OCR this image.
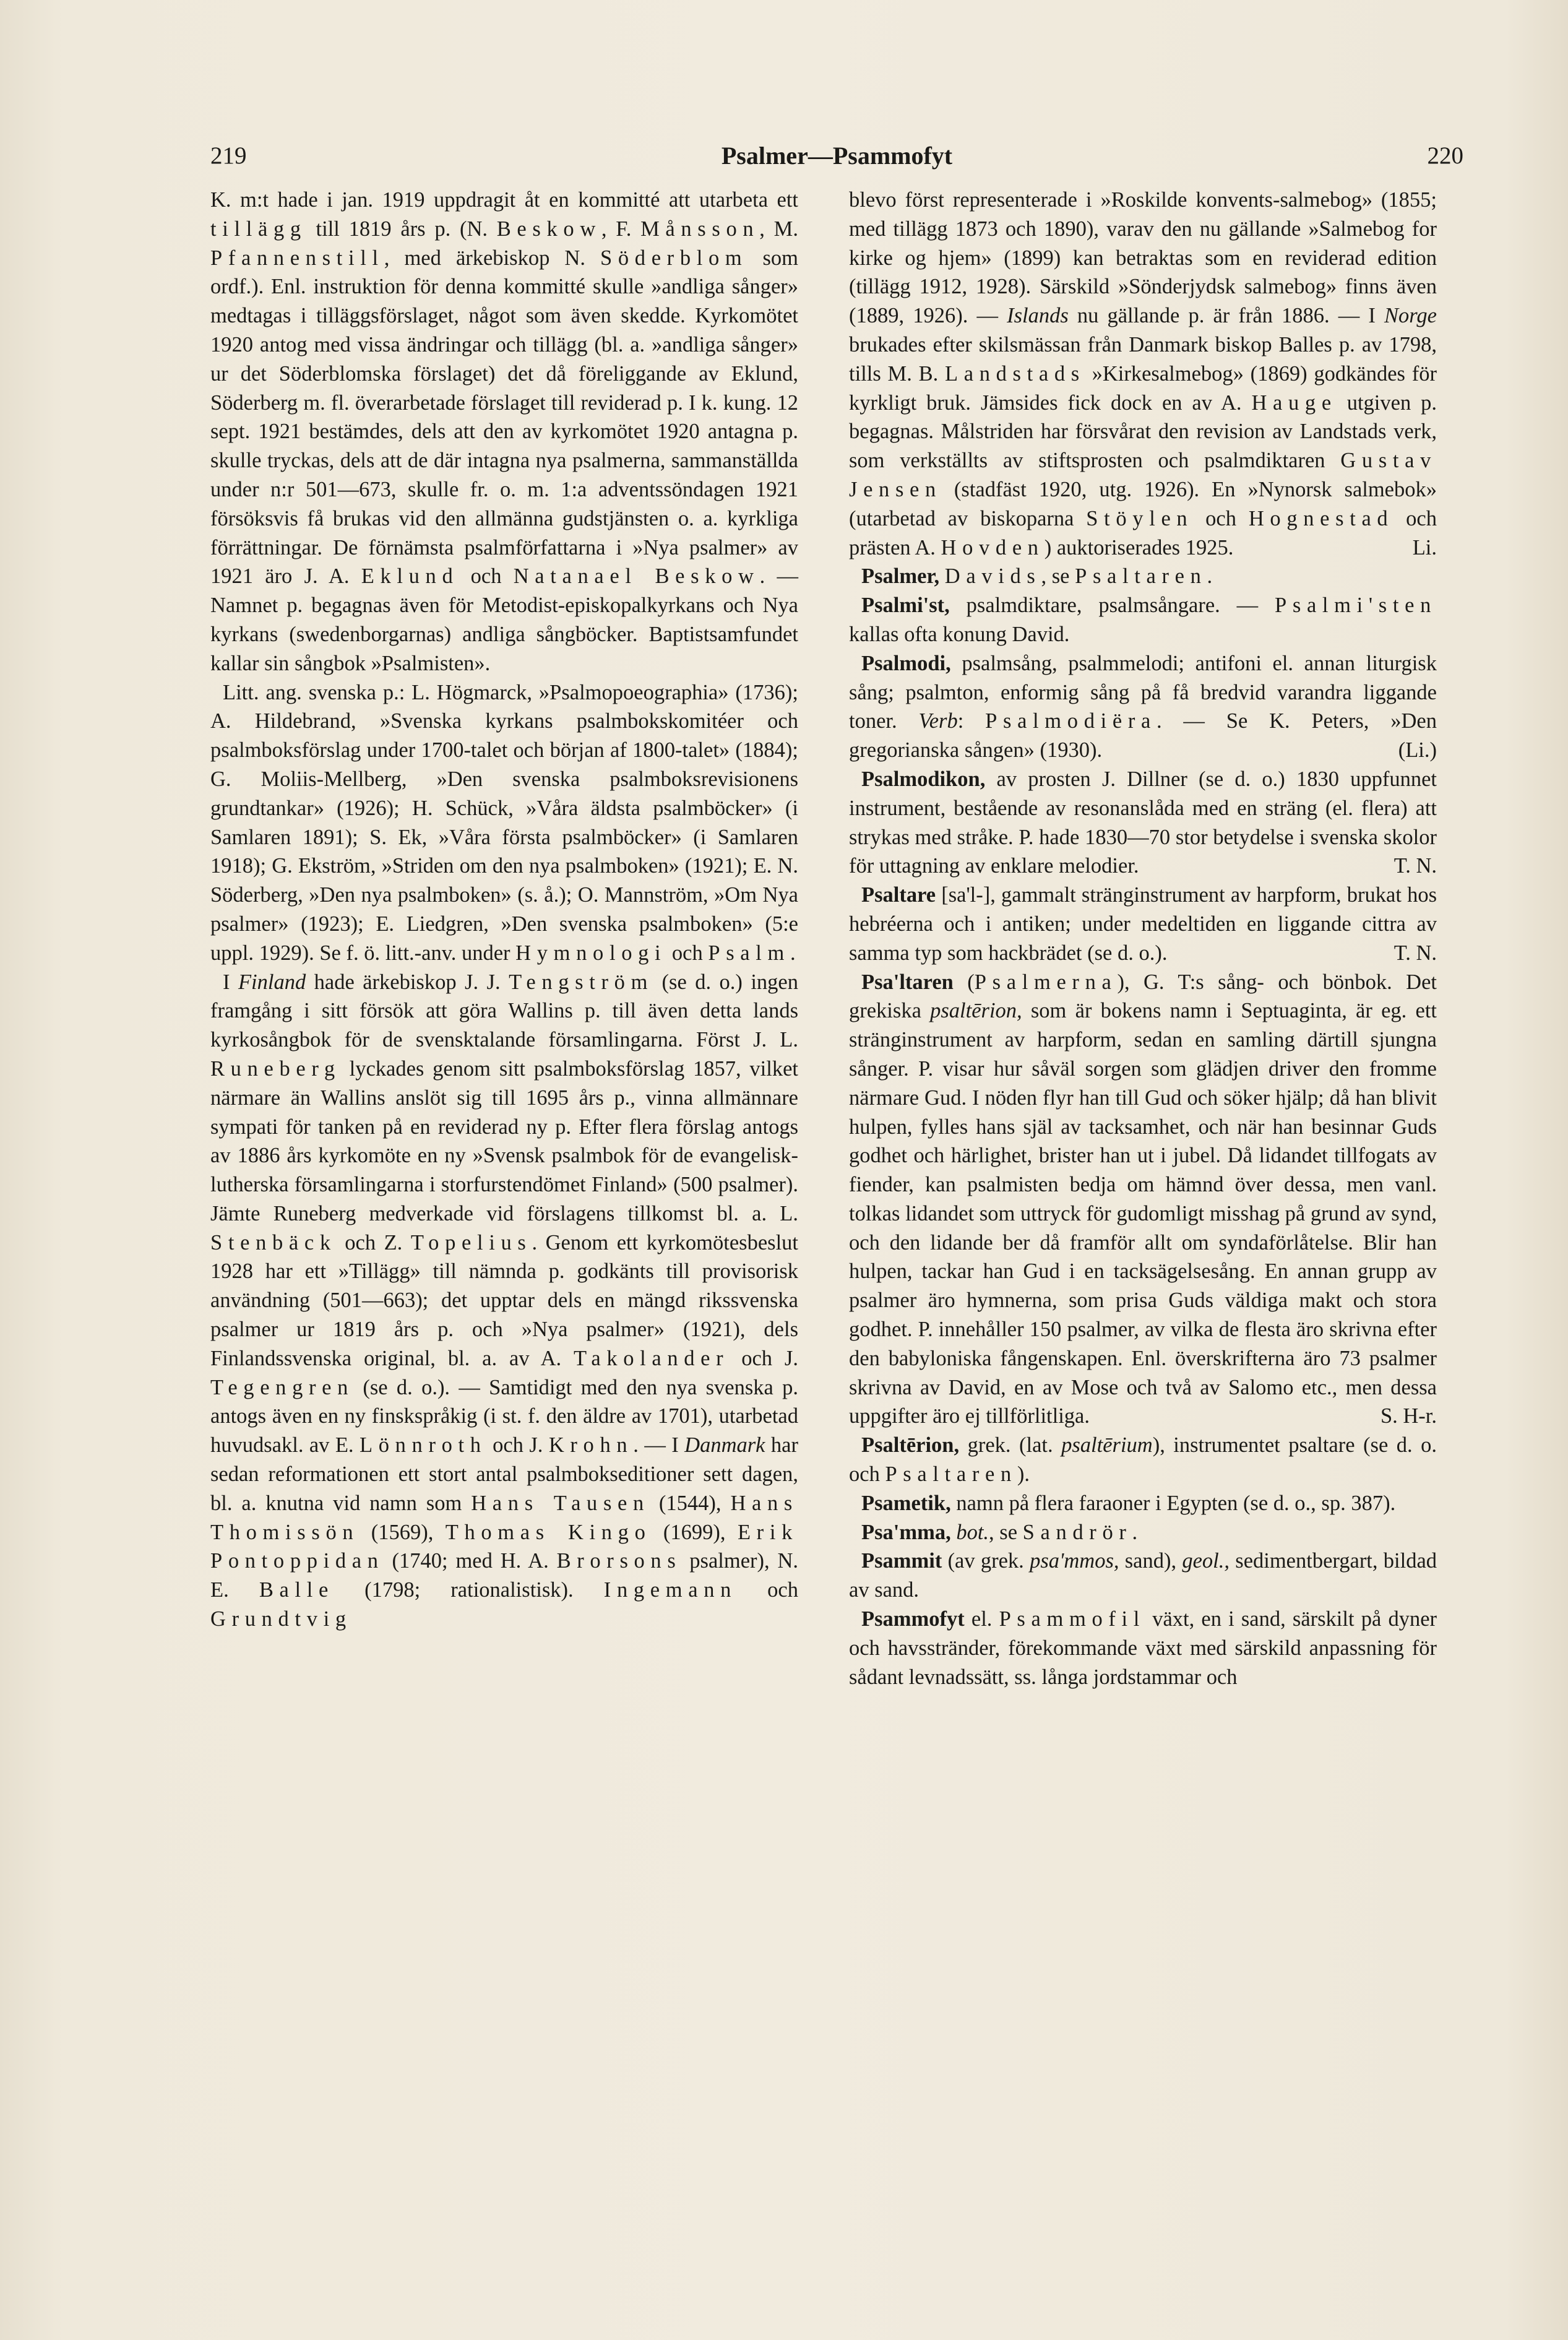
219	Psalmer—Psammofyt	220

K. m:t hade i jan. 1919 uppdragit åt en kommitté att utarbeta ett tillägg till 1819 års p. (N. Beskow, F. Månsson, M. Pfannenstill, med ärkebiskop N. Söderblom som ordf.). Enl. instruktion för denna kommitté skulle »andliga sånger» medtagas i tilläggsförslaget, något som även skedde. Kyrkomötet 1920 antog med vissa ändringar och tillägg (bl. a. »andliga sånger» ur det Söderblomska förslaget) det då föreliggande av Eklund, Söderberg m. fl. överarbetade förslaget till reviderad p. I k. kung. 12 sept. 1921 bestämdes, dels att den av kyrkomötet 1920 antagna p. skulle tryckas, dels att de där intagna nya psalmerna, sammanställda under n:r 501—673, skulle fr. o. m. 1:a adventssöndagen 1921 försöksvis få brukas vid den allmänna gudstjänsten o. a. kyrkliga förrättningar. De förnämsta psalmförfattarna i »Nya psalmer» av 1921 äro J. A. Eklund och Natanael Beskow. — Namnet p. begagnas även för Metodist-episkopalkyrkans och Nya kyrkans (swedenborgarnas) andliga sångböcker. Baptistsamfundet kallar sin sångbok »Psalmisten».

Litt. ang. svenska p.: L. Högmarck, »Psalmopoeographia» (1736); A. Hildebrand, »Svenska kyrkans psalmbokskomitéer och psalmboksförslag under 1700-talet och början af 1800-talet» (1884); G. Moliis-Mellberg, »Den svenska psalmboksrevisionens grundtankar» (1926); H. Schück, »Våra äldsta psalmböcker» (i Samlaren 1891); S. Ek, »Våra första psalmböcker» (i Samlaren 1918); G. Ekström, »Striden om den nya psalmboken» (1921); E. N. Söderberg, »Den nya psalmboken» (s. å.); O. Mannström, »Om Nya psalmer» (1923); E. Liedgren, »Den svenska psalmboken» (5:e uppl. 1929). Se f. ö. litt.-anv. under Hymnologi och Psalm.

I Finland hade ärkebiskop J. J. Tengström (se d. o.) ingen framgång i sitt försök att göra Wallins p. till även detta lands kyrkosångbok för de svensktalande församlingarna. Först J. L. Runeberg lyckades genom sitt psalmboksförslag 1857, vilket närmare än Wallins anslöt sig till 1695 års p., vinna allmännare sympati för tanken på en reviderad ny p. Efter flera förslag antogs av 1886 års kyrkomöte en ny »Svensk psalmbok för de evangelisk-lutherska församlingarna i storfurstendömet Finland» (500 psalmer). Jämte Runeberg medverkade vid förslagens tillkomst bl. a. L. Stenbäck och Z. Topelius. Genom ett kyrkomötesbeslut 1928 har ett »Tillägg» till nämnda p. godkänts till provisorisk användning (501—663); det upptar dels en mängd rikssvenska psalmer ur 1819 års p. och »Nya psalmer» (1921), dels Finlandssvenska original, bl. a. av A. Takolander och J. Tegengren (se d. o.). — Samtidigt med den nya svenska p. antogs även en ny finskspråkig (i st. f. den äldre av 1701), utarbetad huvudsakl. av E. Lönnroth och J. Krohn. — I Danmark har sedan reformationen ett stort antal psalmbokseditioner sett dagen, bl. a. knutna vid namn som Hans Tausen (1544), Hans Thomissön (1569), Thomas Kingo (1699), Erik Pontoppidan (1740; med H. A. Brorsons psalmer), N. E. Balle (1798; rationalistisk). Ingemann och Grundtvig

blevo först representerade i »Roskilde konvents-salmebog» (1855; med tillägg 1873 och 1890), varav den nu gällande »Salmebog for kirke og hjem» (1899) kan betraktas som en reviderad edition (tillägg 1912, 1928). Särskild »Sönderjydsk salmebog» finns även (1889, 1926). — Islands nu gällande p. är från 1886. — I Norge brukades efter skilsmässan från Danmark biskop Balles p. av 1798, tills M. B. Landstads »Kirkesalmebog» (1869) godkändes för kyrkligt bruk. Jämsides fick dock en av A. Hauge utgiven p. begagnas. Målstriden har försvårat den revision av Landstads verk, som verkställts av stiftsprosten och psalmdiktaren Gustav Jensen (stadfäst 1920, utg. 1926). En »Nynorsk salmebok» (utarbetad av biskoparna Stöylen och Hognestad och prästen A. Hovden) auktoriserades 1925.	Li.

Psalmer, Davids, se Psaltaren.

Psalmi'st, psalmdiktare, psalmsångare. — Psalmi'sten kallas ofta konung David.

Psalmodi, psalmsång, psalmmelodi; antifoni el. annan liturgisk sång; psalmton, enformig sång på få bredvid varandra liggande toner. Verb: Psalmodiëra. — Se K. Peters, »Den gregorianska sången» (1930).	(Li.)

Psalmodikon, av prosten J. Dillner (se d. o.) 1830 uppfunnet instrument, bestående av resonanslåda med en sträng (el. flera) att strykas med stråke. P. hade 1830—70 stor betydelse i svenska skolor för uttagning av enklare melodier.	T. N.

Psaltare [sa'l-], gammalt stränginstrument av harpform, brukat hos hebréerna och i antiken; under medeltiden en liggande cittra av samma typ som hackbrädet (se d. o.).	T. N.

Psa'ltaren (Psalmerna), G. T:s sång- och bönbok. Det grekiska psaltērion, som är bokens namn i Septuaginta, är eg. ett stränginstrument av harpform, sedan en samling därtill sjungna sånger. P. visar hur såväl sorgen som glädjen driver den fromme närmare Gud. I nöden flyr han till Gud och söker hjälp; då han blivit hulpen, fylles hans själ av tacksamhet, och när han besinnar Guds godhet och härlighet, brister han ut i jubel. Då lidandet tillfogats av fiender, kan psalmisten bedja om hämnd över dessa, men vanl. tolkas lidandet som uttryck för gudomligt misshag på grund av synd, och den lidande ber då framför allt om syndaförlåtelse. Blir han hulpen, tackar han Gud i en tacksägelsesång. En annan grupp av psalmer äro hymnerna, som prisa Guds väldiga makt och stora godhet. P. innehåller 150 psalmer, av vilka de flesta äro skrivna efter den babyloniska fångenskapen. Enl. överskrifterna äro 73 psalmer skrivna av David, en av Mose och två av Salomo etc., men dessa uppgifter äro ej tillförlitliga.	S. H-r.

Psaltērion, grek. (lat. psaltērium), instrumentet psaltare (se d. o. och Psaltaren).

Psametik, namn på flera faraoner i Egypten (se d. o., sp. 387).

Psa'mma, bot., se Sandrör.

Psammit (av grek. psa'mmos, sand), geol., sedimentbergart, bildad av sand.

Psammofyt el. Psammofil växt, en i sand, särskilt på dyner och havsstränder, förekommande växt med särskild anpassning för sådant levnadssätt, ss. långa jordstammar och
